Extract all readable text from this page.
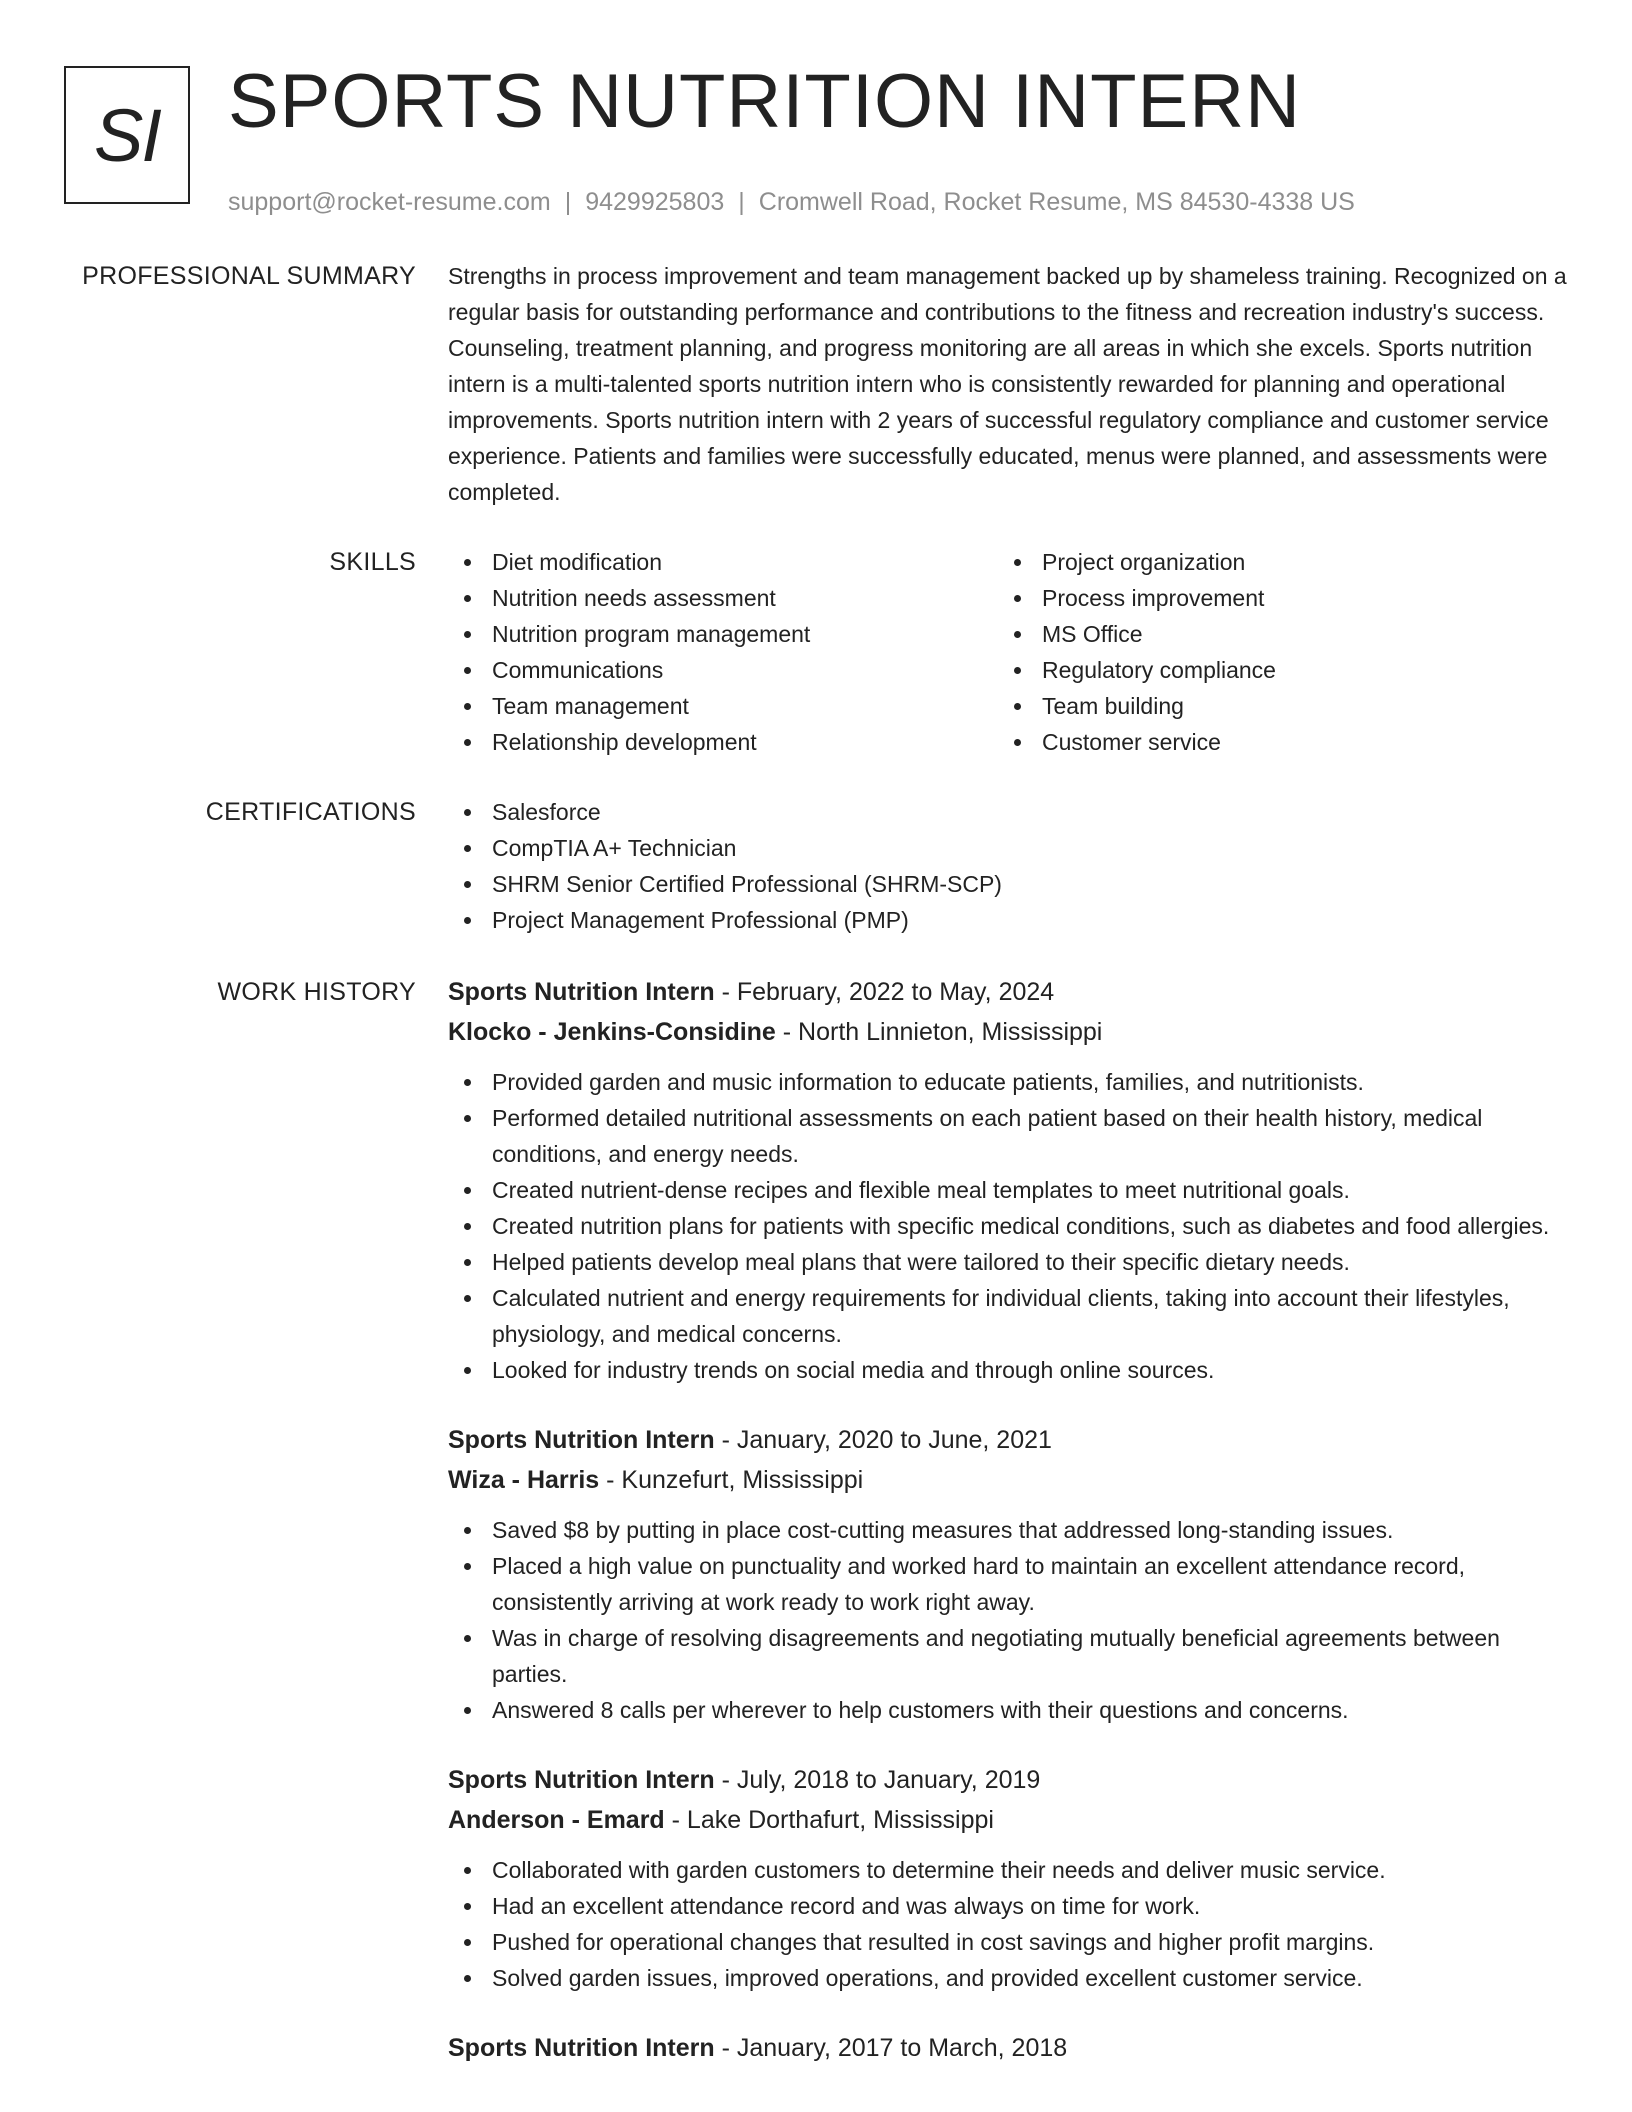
SI SPORTS NUTRITION INTERN
support@rocket-resume.com | 9429925803 | Cromwell Road, Rocket Resume, MS 84530-4338 US
PROFESSIONAL SUMMARY Strengths in process improvement and team management backed up by shameless training. Recognized on a regular basis for outstanding performance and contributions to the fitness and recreation industry's success. Counseling, treatment planning, and progress monitoring are all areas in which she excels. Sports nutrition intern is a multi-talented sports nutrition intern who is consistently rewarded for planning and operational improvements. Sports nutrition intern with 2 years of successful regulatory compliance and customer service experience. Patients and families were successfully educated, menus were planned, and assessments were completed.

SKILLS	Diet modification
Nutrition needs assessment
Nutrition program management
Communications
Team management
Relationship development
Project organization
Process improvement
MS Office
Regulatory compliance
Team building
Customer service
CERTIFICATIONS	Salesforce
CompTIA A+ Technician
SHRM Senior Certified Professional (SHRM-SCP)
Project Management Professional (PMP)
WORK HISTORY Sports Nutrition Intern - February, 2022 to May, 2024
Klocko - Jenkins-Considine - North Linnieton, Mississippi
Provided garden and music information to educate patients, families, and nutritionists.
Performed detailed nutritional assessments on each patient based on their health history, medical conditions, and energy needs.
Created nutrient-dense recipes and flexible meal templates to meet nutritional goals.
Created nutrition plans for patients with specific medical conditions, such as diabetes and food allergies.
Helped patients develop meal plans that were tailored to their specific dietary needs.
Calculated nutrient and energy requirements for individual clients, taking into account their lifestyles, physiology, and medical concerns.
Looked for industry trends on social media and through online sources.
Sports Nutrition Intern - January, 2020 to June, 2021
Wiza - Harris - Kunzefurt, Mississippi
Saved $8 by putting in place cost-cutting measures that addressed long-standing issues.
Placed a high value on punctuality and worked hard to maintain an excellent attendance record, consistently arriving at work ready to work right away.
Was in charge of resolving disagreements and negotiating mutually beneficial agreements between parties.
Answered 8 calls per wherever to help customers with their questions and concerns.
Sports Nutrition Intern - July, 2018 to January, 2019
Anderson - Emard - Lake Dorthafurt, Mississippi
Collaborated with garden customers to determine their needs and deliver music service.
Had an excellent attendance record and was always on time for work.
Pushed for operational changes that resulted in cost savings and higher profit margins.
Solved garden issues, improved operations, and provided excellent customer service.
Sports Nutrition Intern - January, 2017 to March, 2018
